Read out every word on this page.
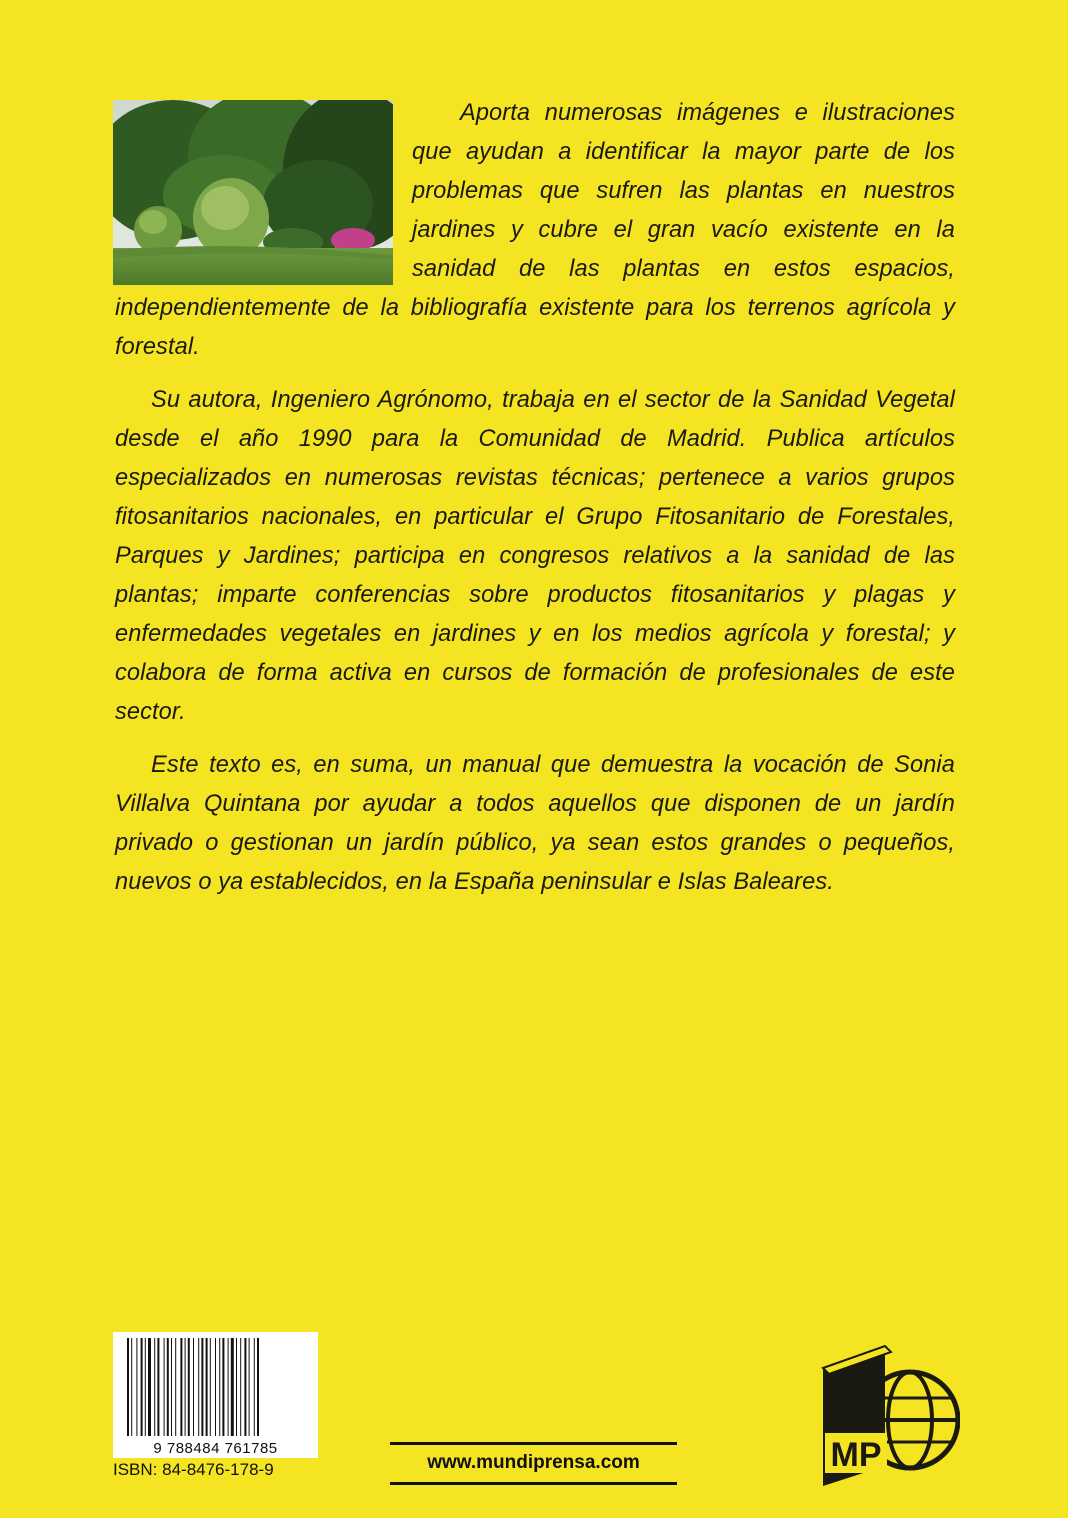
Aporta numerosas imágenes e ilustraciones que ayudan a identificar la mayor parte de los problemas que sufren las plantas en nuestros jardines y cubre el gran vacío existente en la sanidad de las plantas en estos espacios, independientemente de la bibliografía existente para los terrenos agrícola y forestal.

Su autora, Ingeniero Agrónomo, trabaja en el sector de la Sanidad Vegetal desde el año 1990 para la Comunidad de Madrid. Publica artículos especializados en numerosas revistas técnicas; pertenece a varios grupos fitosanitarios nacionales, en particular el Grupo Fitosanitario de Forestales, Parques y Jardines; participa en congresos relativos a la sanidad de las plantas; imparte conferencias sobre productos fitosanitarios y plagas y enfermedades vegetales en jardines y en los medios agrícola y forestal; y colabora de forma activa en cursos de formación de profesionales de este sector.

Este texto es, en suma, un manual que demuestra la vocación de Sonia Villalva Quintana por ayudar a todos aquellos que disponen de un jardín privado o gestionan un jardín público, ya sean estos grandes o pequeños, nuevos o ya establecidos, en la España peninsular e Islas Baleares.

9 788484 761785
ISBN: 84-8476-178-9	www.mundiprensa.com	MP
